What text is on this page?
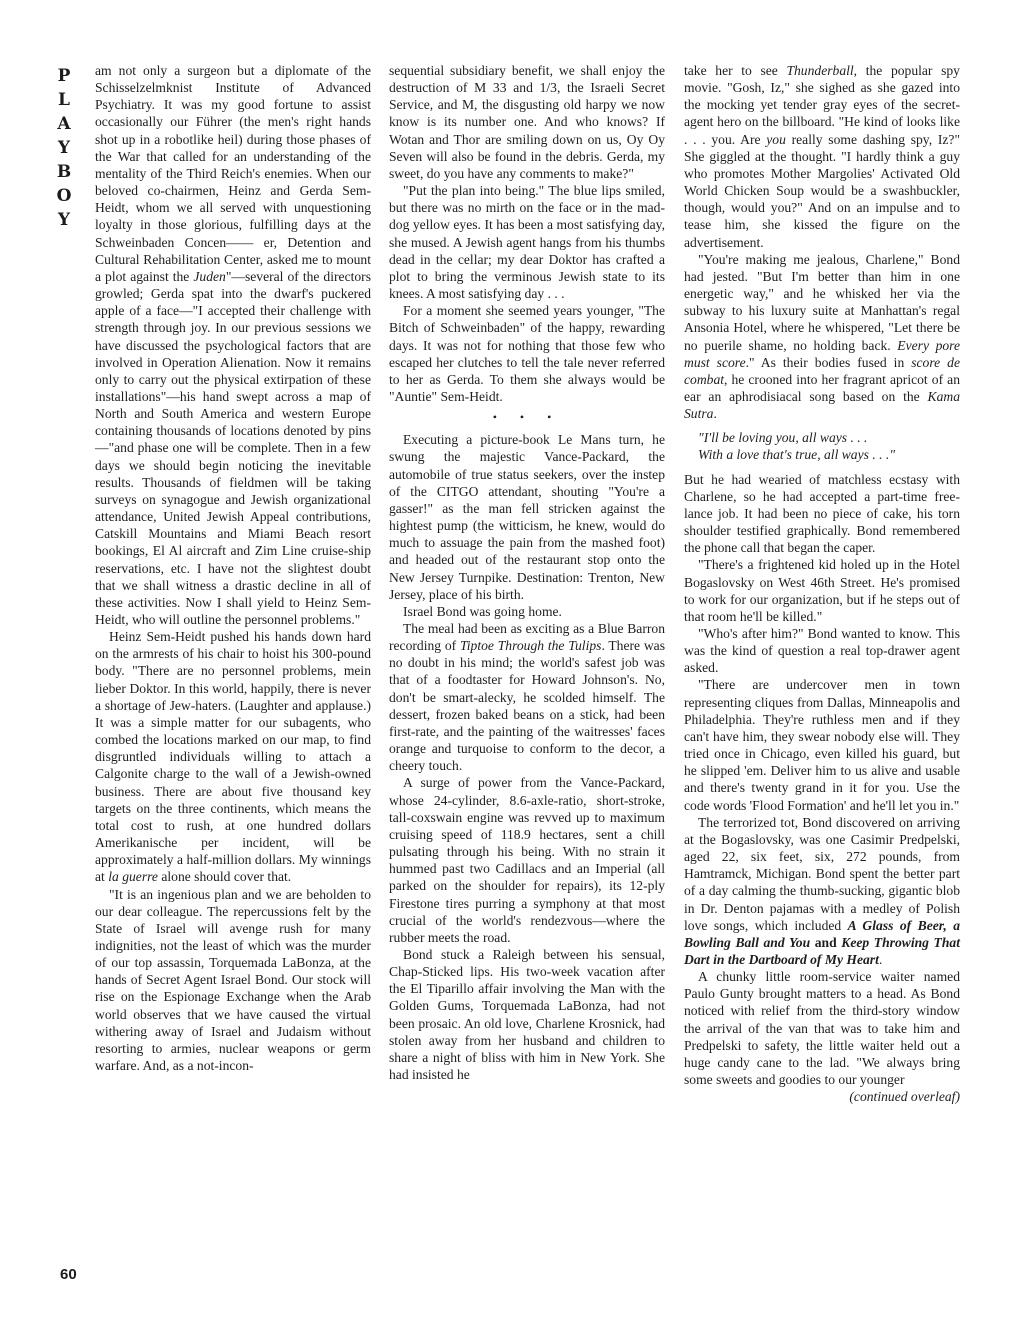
P
L
A
Y
B
O
Y

am not only a surgeon but a diplomate of the Schisselzelmknist Institute of Advanced Psychiatry. It was my good fortune to assist occasionally our Führer (the men's right hands shot up in a robotlike heil) during those phases of the War that called for an understanding of the mentality of the Third Reich's enemies. When our beloved co-chairmen, Heinz and Gerda Sem-Heidt, whom we all served with unquestioning loyalty in those glorious, fulfilling days at the Schweinbaden Concen—— er, Detention and Cultural Rehabilitation Center, asked me to mount a plot against the Juden"—several of the directors growled; Gerda spat into the dwarf's puckered apple of a face—"I accepted their challenge with strength through joy. In our previous sessions we have discussed the psychological factors that are involved in Operation Alienation. Now it remains only to carry out the physical extirpation of these installations"—his hand swept across a map of North and South America and western Europe containing thousands of locations denoted by pins—"and phase one will be complete. Then in a few days we should begin noticing the inevitable results. Thousands of fieldmen will be taking surveys on synagogue and Jewish organizational attendance, United Jewish Appeal contributions, Catskill Mountains and Miami Beach resort bookings, El Al aircraft and Zim Line cruise-ship reservations, etc. I have not the slightest doubt that we shall witness a drastic decline in all of these activities. Now I shall yield to Heinz Sem-Heidt, who will outline the personnel problems."

Heinz Sem-Heidt pushed his hands down hard on the armrests of his chair to hoist his 300-pound body. "There are no personnel problems, mein lieber Doktor. In this world, happily, there is never a shortage of Jew-haters. (Laughter and applause.) It was a simple matter for our subagents, who combed the locations marked on our map, to find disgruntled individuals willing to attach a Calgonite charge to the wall of a Jewish-owned business. There are about five thousand key targets on the three continents, which means the total cost to rush, at one hundred dollars Amerikanische per incident, will be approximately a half-million dollars. My winnings at la guerre alone should cover that.

"It is an ingenious plan and we are beholden to our dear colleague. The repercussions felt by the State of Israel will avenge rush for many indignities, not the least of which was the murder of our top assassin, Torquemada LaBonza, at the hands of Secret Agent Israel Bond. Our stock will rise on the Espionage Exchange when the Arab world observes that we have caused the virtual withering away of Israel and Judaism without resorting to armies, nuclear weapons or germ warfare. And, as a not-incon-

sequential subsidiary benefit, we shall enjoy the destruction of M 33 and 1/3, the Israeli Secret Service, and M, the disgusting old harpy we now know is its number one. And who knows? If Wotan and Thor are smiling down on us, Oy Oy Seven will also be found in the debris. Gerda, my sweet, do you have any comments to make?"

"Put the plan into being." The blue lips smiled, but there was no mirth on the face or in the mad-dog yellow eyes. It has been a most satisfying day, she mused. A Jewish agent hangs from his thumbs dead in the cellar; my dear Doktor has crafted a plot to bring the verminous Jewish state to its knees. A most satisfying day . . .

For a moment she seemed years younger, "The Bitch of Schweinbaden" of the happy, rewarding days. It was not for nothing that those few who escaped her clutches to tell the tale never referred to her as Gerda. To them she always would be "Auntie" Sem-Heidt.

• • •

Executing a picture-book Le Mans turn, he swung the majestic Vance-Packard, the automobile of true status seekers, over the instep of the CITGO attendant, shouting "You're a gasser!" as the man fell stricken against the hightest pump (the witticism, he knew, would do much to assuage the pain from the mashed foot) and headed out of the restaurant stop onto the New Jersey Turnpike. Destination: Trenton, New Jersey, place of his birth.

Israel Bond was going home.

The meal had been as exciting as a Blue Barron recording of Tiptoe Through the Tulips. There was no doubt in his mind; the world's safest job was that of a foodtaster for Howard Johnson's. No, don't be smart-alecky, he scolded himself. The dessert, frozen baked beans on a stick, had been first-rate, and the painting of the waitresses' faces orange and turquoise to conform to the decor, a cheery touch.

A surge of power from the Vance-Packard, whose 24-cylinder, 8.6-axle-ratio, short-stroke, tall-coxswain engine was revved up to maximum cruising speed of 118.9 hectares, sent a chill pulsating through his being. With no strain it hummed past two Cadillacs and an Imperial (all parked on the shoulder for repairs), its 12-ply Firestone tires purring a symphony at that most crucial of the world's rendezvous—where the rubber meets the road.

Bond stuck a Raleigh between his sensual, Chap-Sticked lips. His two-week vacation after the El Tiparillo affair involving the Man with the Golden Gums, Torquemada LaBonza, had not been prosaic. An old love, Charlene Krosnick, had stolen away from her husband and children to share a night of bliss with him in New York. She had insisted he

take her to see Thunderball, the popular spy movie. "Gosh, Iz," she sighed as she gazed into the mocking yet tender gray eyes of the secret-agent hero on the billboard. "He kind of looks like . . . you. Are you really some dashing spy, Iz?" She giggled at the thought. "I hardly think a guy who promotes Mother Margolies' Activated Old World Chicken Soup would be a swashbuckler, though, would you?" And on an impulse and to tease him, she kissed the figure on the advertisement.

"You're making me jealous, Charlene," Bond had jested. "But I'm better than him in one energetic way," and he whisked her via the subway to his luxury suite at Manhattan's regal Ansonia Hotel, where he whispered, "Let there be no puerile shame, no holding back. Every pore must score." As their bodies fused in score de combat, he crooned into her fragrant apricot of an ear an aphrodisiacal song based on the Kama Sutra.

"I'll be loving you, all ways . . .
With a love that's true, all ways . . ."

But he had wearied of matchless ecstasy with Charlene, so he had accepted a part-time free-lance job. It had been no piece of cake, his torn shoulder testified graphically. Bond remembered the phone call that began the caper.

"There's a frightened kid holed up in the Hotel Bogaslovsky on West 46th Street. He's promised to work for our organization, but if he steps out of that room he'll be killed."

"Who's after him?" Bond wanted to know. This was the kind of question a real top-drawer agent asked.

"There are undercover men in town representing cliques from Dallas, Minneapolis and Philadelphia. They're ruthless men and if they can't have him, they swear nobody else will. They tried once in Chicago, even killed his guard, but he slipped 'em. Deliver him to us alive and usable and there's twenty grand in it for you. Use the code words 'Flood Formation' and he'll let you in."

The terrorized tot, Bond discovered on arriving at the Bogaslovsky, was one Casimir Predpelski, aged 22, six feet, six, 272 pounds, from Hamtramck, Michigan. Bond spent the better part of a day calming the thumb-sucking, gigantic blob in Dr. Denton pajamas with a medley of Polish love songs, which included A Glass of Beer, a Bowling Ball and You and Keep Throwing That Dart in the Dartboard of My Heart.

A chunky little room-service waiter named Paulo Gunty brought matters to a head. As Bond noticed with relief from the third-story window the arrival of the van that was to take him and Predpelski to safety, the little waiter held out a huge candy cane to the lad. "We always bring some sweets and goodies to our younger

(continued overleaf)

60
